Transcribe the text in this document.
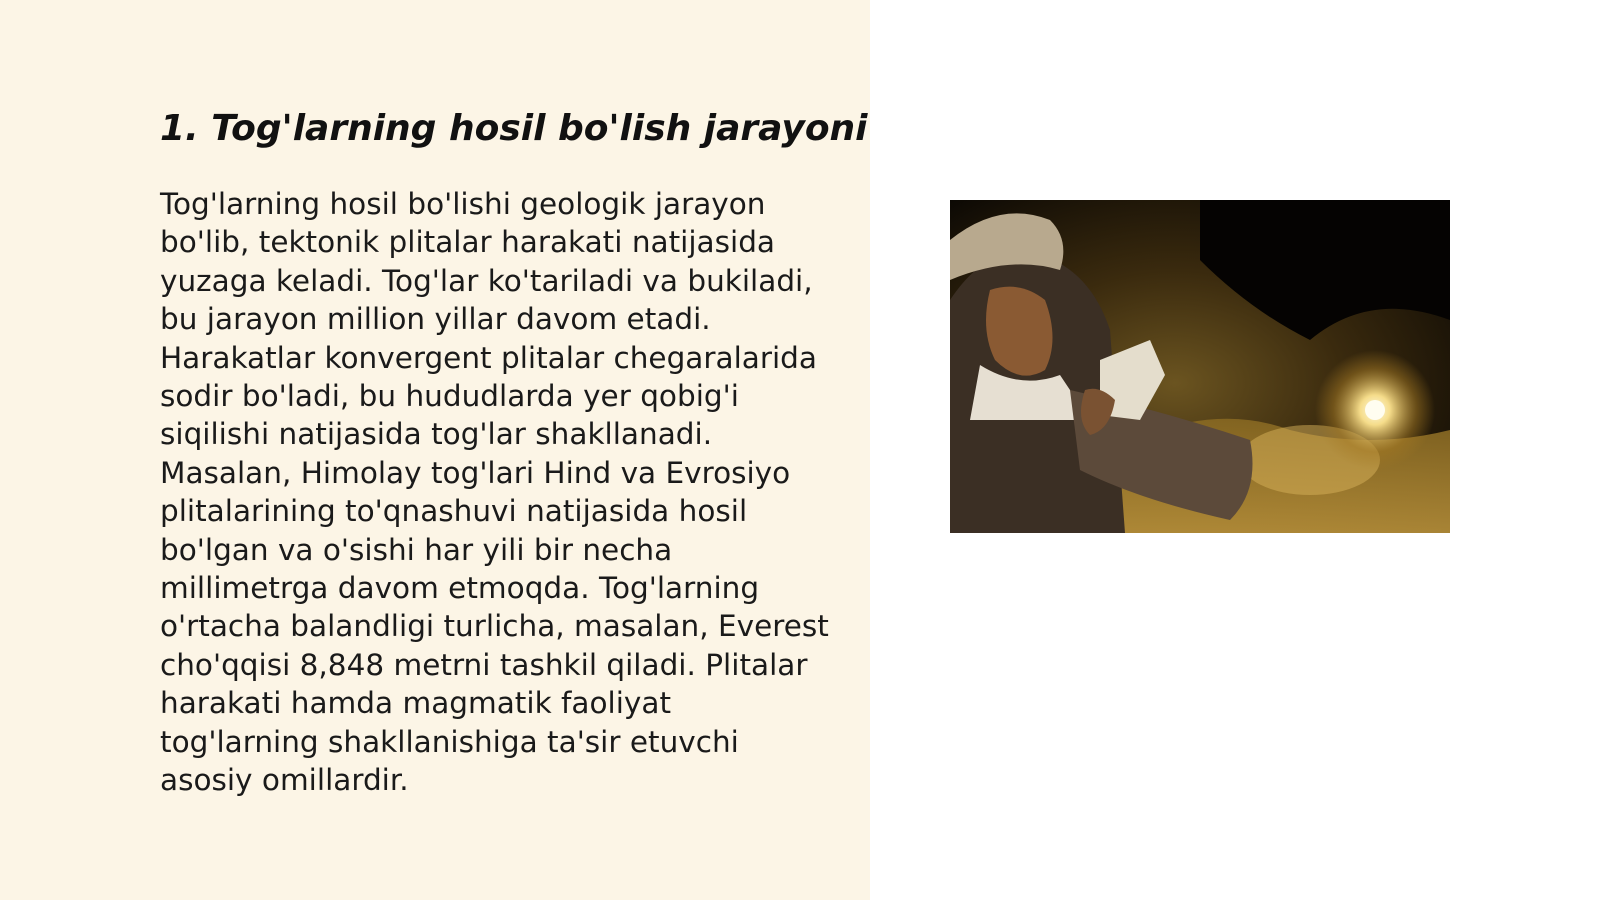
1. Tog'larning hosil bo'lish jarayoni

Tog'larning hosil bo'lishi geologik jarayon
bo'lib, tektonik plitalar harakati natijasida
yuzaga keladi. Tog'lar ko'tariladi va bukiladi,
bu jarayon million yillar davom etadi.
Harakatlar konvergent plitalar chegaralarida
sodir bo'ladi, bu hududlarda yer qobig'i
siqilishi natijasida tog'lar shakllanadi.
Masalan, Himolay tog'lari Hind va Evrosiyo
plitalarining to'qnashuvi natijasida hosil
bo'lgan va o'sishi har yili bir necha
millimetrga davom etmoqda. Tog'larning
o'rtacha balandligi turlicha, masalan, Everest
cho'qqisi 8,848 metrni tashkil qiladi. Plitalar
harakati hamda magmatik faoliyat
tog'larning shakllanishiga ta'sir etuvchi
asosiy omillardir.
